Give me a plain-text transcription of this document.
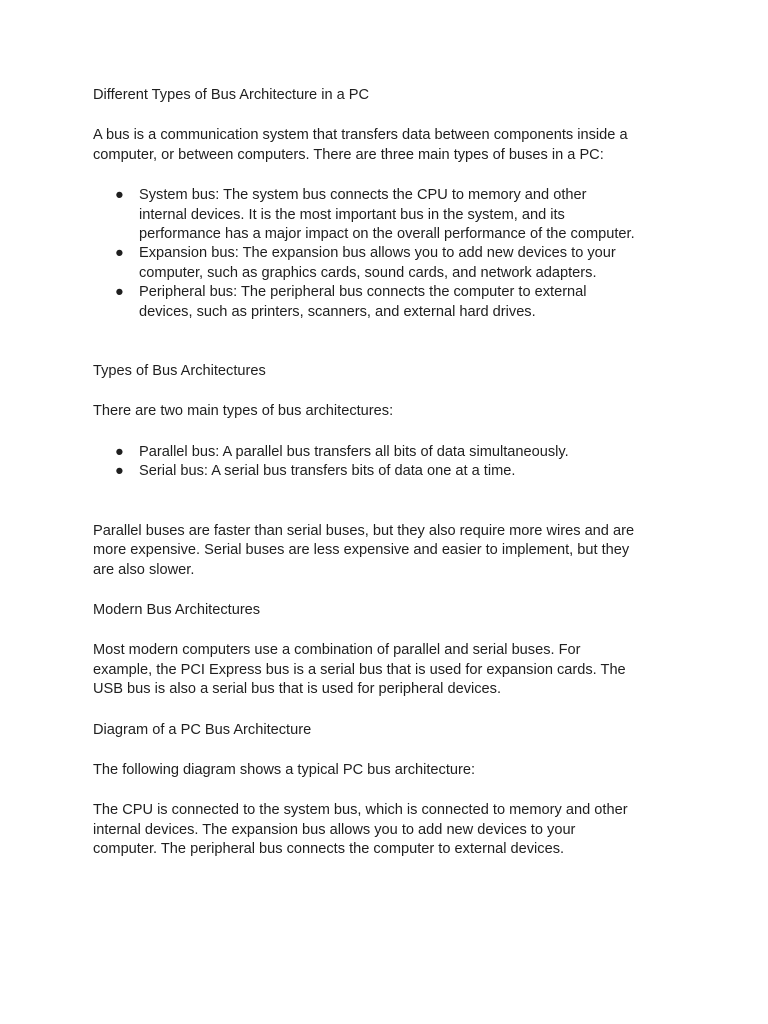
Different Types of Bus Architecture in a PC

A bus is a communication system that transfers data between components inside a computer, or between computers. There are three main types of buses in a PC:

● System bus: The system bus connects the CPU to memory and other internal devices. It is the most important bus in the system, and its performance has a major impact on the overall performance of the computer.
● Expansion bus: The expansion bus allows you to add new devices to your computer, such as graphics cards, sound cards, and network adapters.
● Peripheral bus: The peripheral bus connects the computer to external devices, such as printers, scanners, and external hard drives.

Types of Bus Architectures

There are two main types of bus architectures:

● Parallel bus: A parallel bus transfers all bits of data simultaneously.
● Serial bus: A serial bus transfers bits of data one at a time.

Parallel buses are faster than serial buses, but they also require more wires and are more expensive. Serial buses are less expensive and easier to implement, but they are also slower.

Modern Bus Architectures

Most modern computers use a combination of parallel and serial buses. For example, the PCI Express bus is a serial bus that is used for expansion cards. The USB bus is also a serial bus that is used for peripheral devices.

Diagram of a PC Bus Architecture

The following diagram shows a typical PC bus architecture:

The CPU is connected to the system bus, which is connected to memory and other internal devices. The expansion bus allows you to add new devices to your computer. The peripheral bus connects the computer to external devices.
